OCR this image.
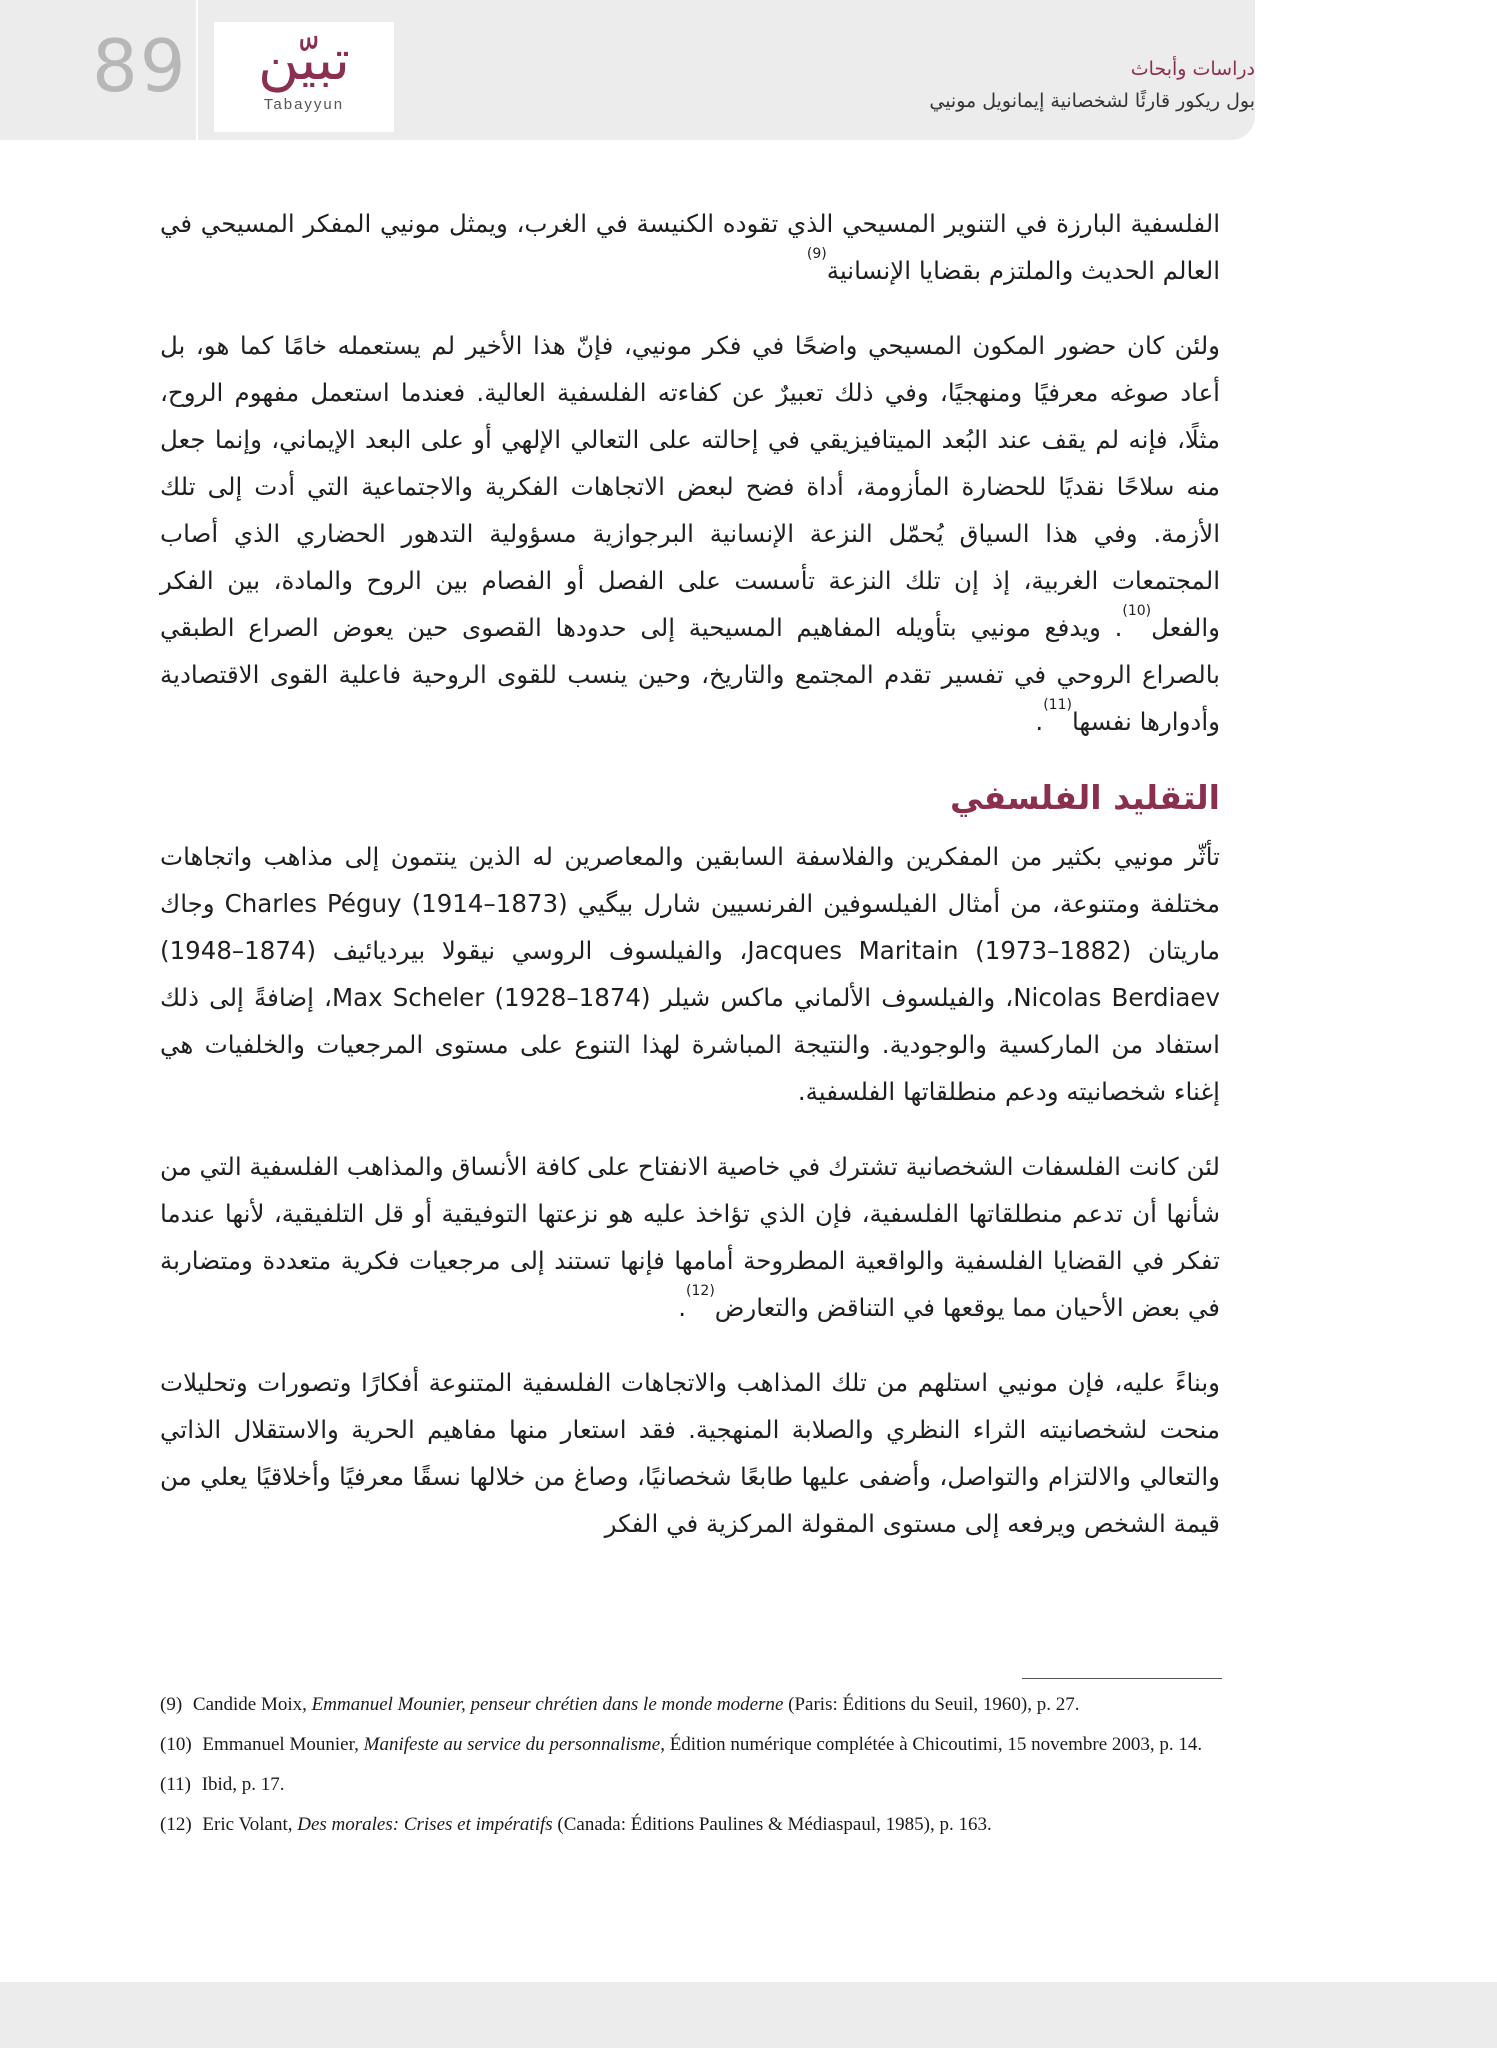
89	تبيّن
Tabayyun
دراسات وأبحاث
بول ريكور قارئًا لشخصانية إيمانويل مونيي

الفلسفية البارزة في التنوير المسيحي الذي تقوده الكنيسة في الغرب، ويمثل مونيي المفكر المسيحي في العالم الحديث والملتزم بقضايا الإنسانية$^{(9)}$

ولئن كان حضور المكون المسيحي واضحًا في فكر مونيي، فإنّ هذا الأخير لم يستعمله خامًا كما هو، بل أعاد صوغه معرفيًا ومنهجيًا، وفي ذلك تعبيرٌ عن كفاءته الفلسفية العالية. فعندما استعمل مفهوم الروح، مثلًا، فإنه لم يقف عند البُعد الميتافيزيقي في إحالته على التعالي الإلهي أو على البعد الإيماني، وإنما جعل منه سلاحًا نقديًا للحضارة المأزومة، أداة فضح لبعض الاتجاهات الفكرية والاجتماعية التي أدت إلى تلك الأزمة. وفي هذا السياق يُحمّل النزعة الإنسانية البرجوازية مسؤولية التدهور الحضاري الذي أصاب المجتمعات الغربية، إذ إن تلك النزعة تأسست على الفصل أو الفصام بين الروح والمادة، بين الفكر والفعل$^{(10)}$. ويدفع مونيي بتأويله المفاهيم المسيحية إلى حدودها القصوى حين يعوض الصراع الطبقي بالصراع الروحي في تفسير تقدم المجتمع والتاريخ، وحين ينسب للقوى الروحية فاعلية القوى الاقتصادية وأدوارها نفسها$^{(11)}$.

التقليد الفلسفي

تأثّر مونيي بكثير من المفكرين والفلاسفة السابقين والمعاصرين له الذين ينتمون إلى مذاهب واتجاهات مختلفة ومتنوعة، من أمثال الفيلسوفين الفرنسيين شارل بيگيي (1873–1914) Charles Péguy وجاك ماريتان (1882–1973) Jacques Maritain، والفيلسوف الروسي نيقولا بيرديائيف (1874–1948) Nicolas Berdiaev، والفيلسوف الألماني ماكس شيلر (1874–1928) Max Scheler، إضافةً إلى ذلك استفاد من الماركسية والوجودية. والنتيجة المباشرة لهذا التنوع على مستوى المرجعيات والخلفيات هي إغناء شخصانيته ودعم منطلقاتها الفلسفية.

لئن كانت الفلسفات الشخصانية تشترك في خاصية الانفتاح على كافة الأنساق والمذاهب الفلسفية التي من شأنها أن تدعم منطلقاتها الفلسفية، فإن الذي تؤاخذ عليه هو نزعتها التوفيقية أو قل التلفيقية، لأنها عندما تفكر في القضايا الفلسفية والواقعية المطروحة أمامها فإنها تستند إلى مرجعيات فكرية متعددة ومتضاربة في بعض الأحيان مما يوقعها في التناقض والتعارض$^{(12)}$.

وبناءً عليه، فإن مونيي استلهم من تلك المذاهب والاتجاهات الفلسفية المتنوعة أفكارًا وتصورات وتحليلات منحت لشخصانيته الثراء النظري والصلابة المنهجية. فقد استعار منها مفاهيم الحرية والاستقلال الذاتي والتعالي والالتزام والتواصل، وأضفى عليها طابعًا شخصانيًا، وصاغ من خلالها نسقًا معرفيًا وأخلاقيًا يعلي من قيمة الشخص ويرفعه إلى مستوى المقولة المركزية في الفكر

(9) Candide Moix, Emmanuel Mounier, penseur chrétien dans le monde moderne (Paris: Éditions du Seuil, 1960), p. 27.
(10) Emmanuel Mounier, Manifeste au service du personnalisme, Édition numérique complétée à Chicoutimi, 15 novembre 2003, p. 14.
(11) Ibid, p. 17.
(12) Eric Volant, Des morales: Crises et impératifs (Canada: Éditions Paulines & Médiaspaul, 1985), p. 163.
